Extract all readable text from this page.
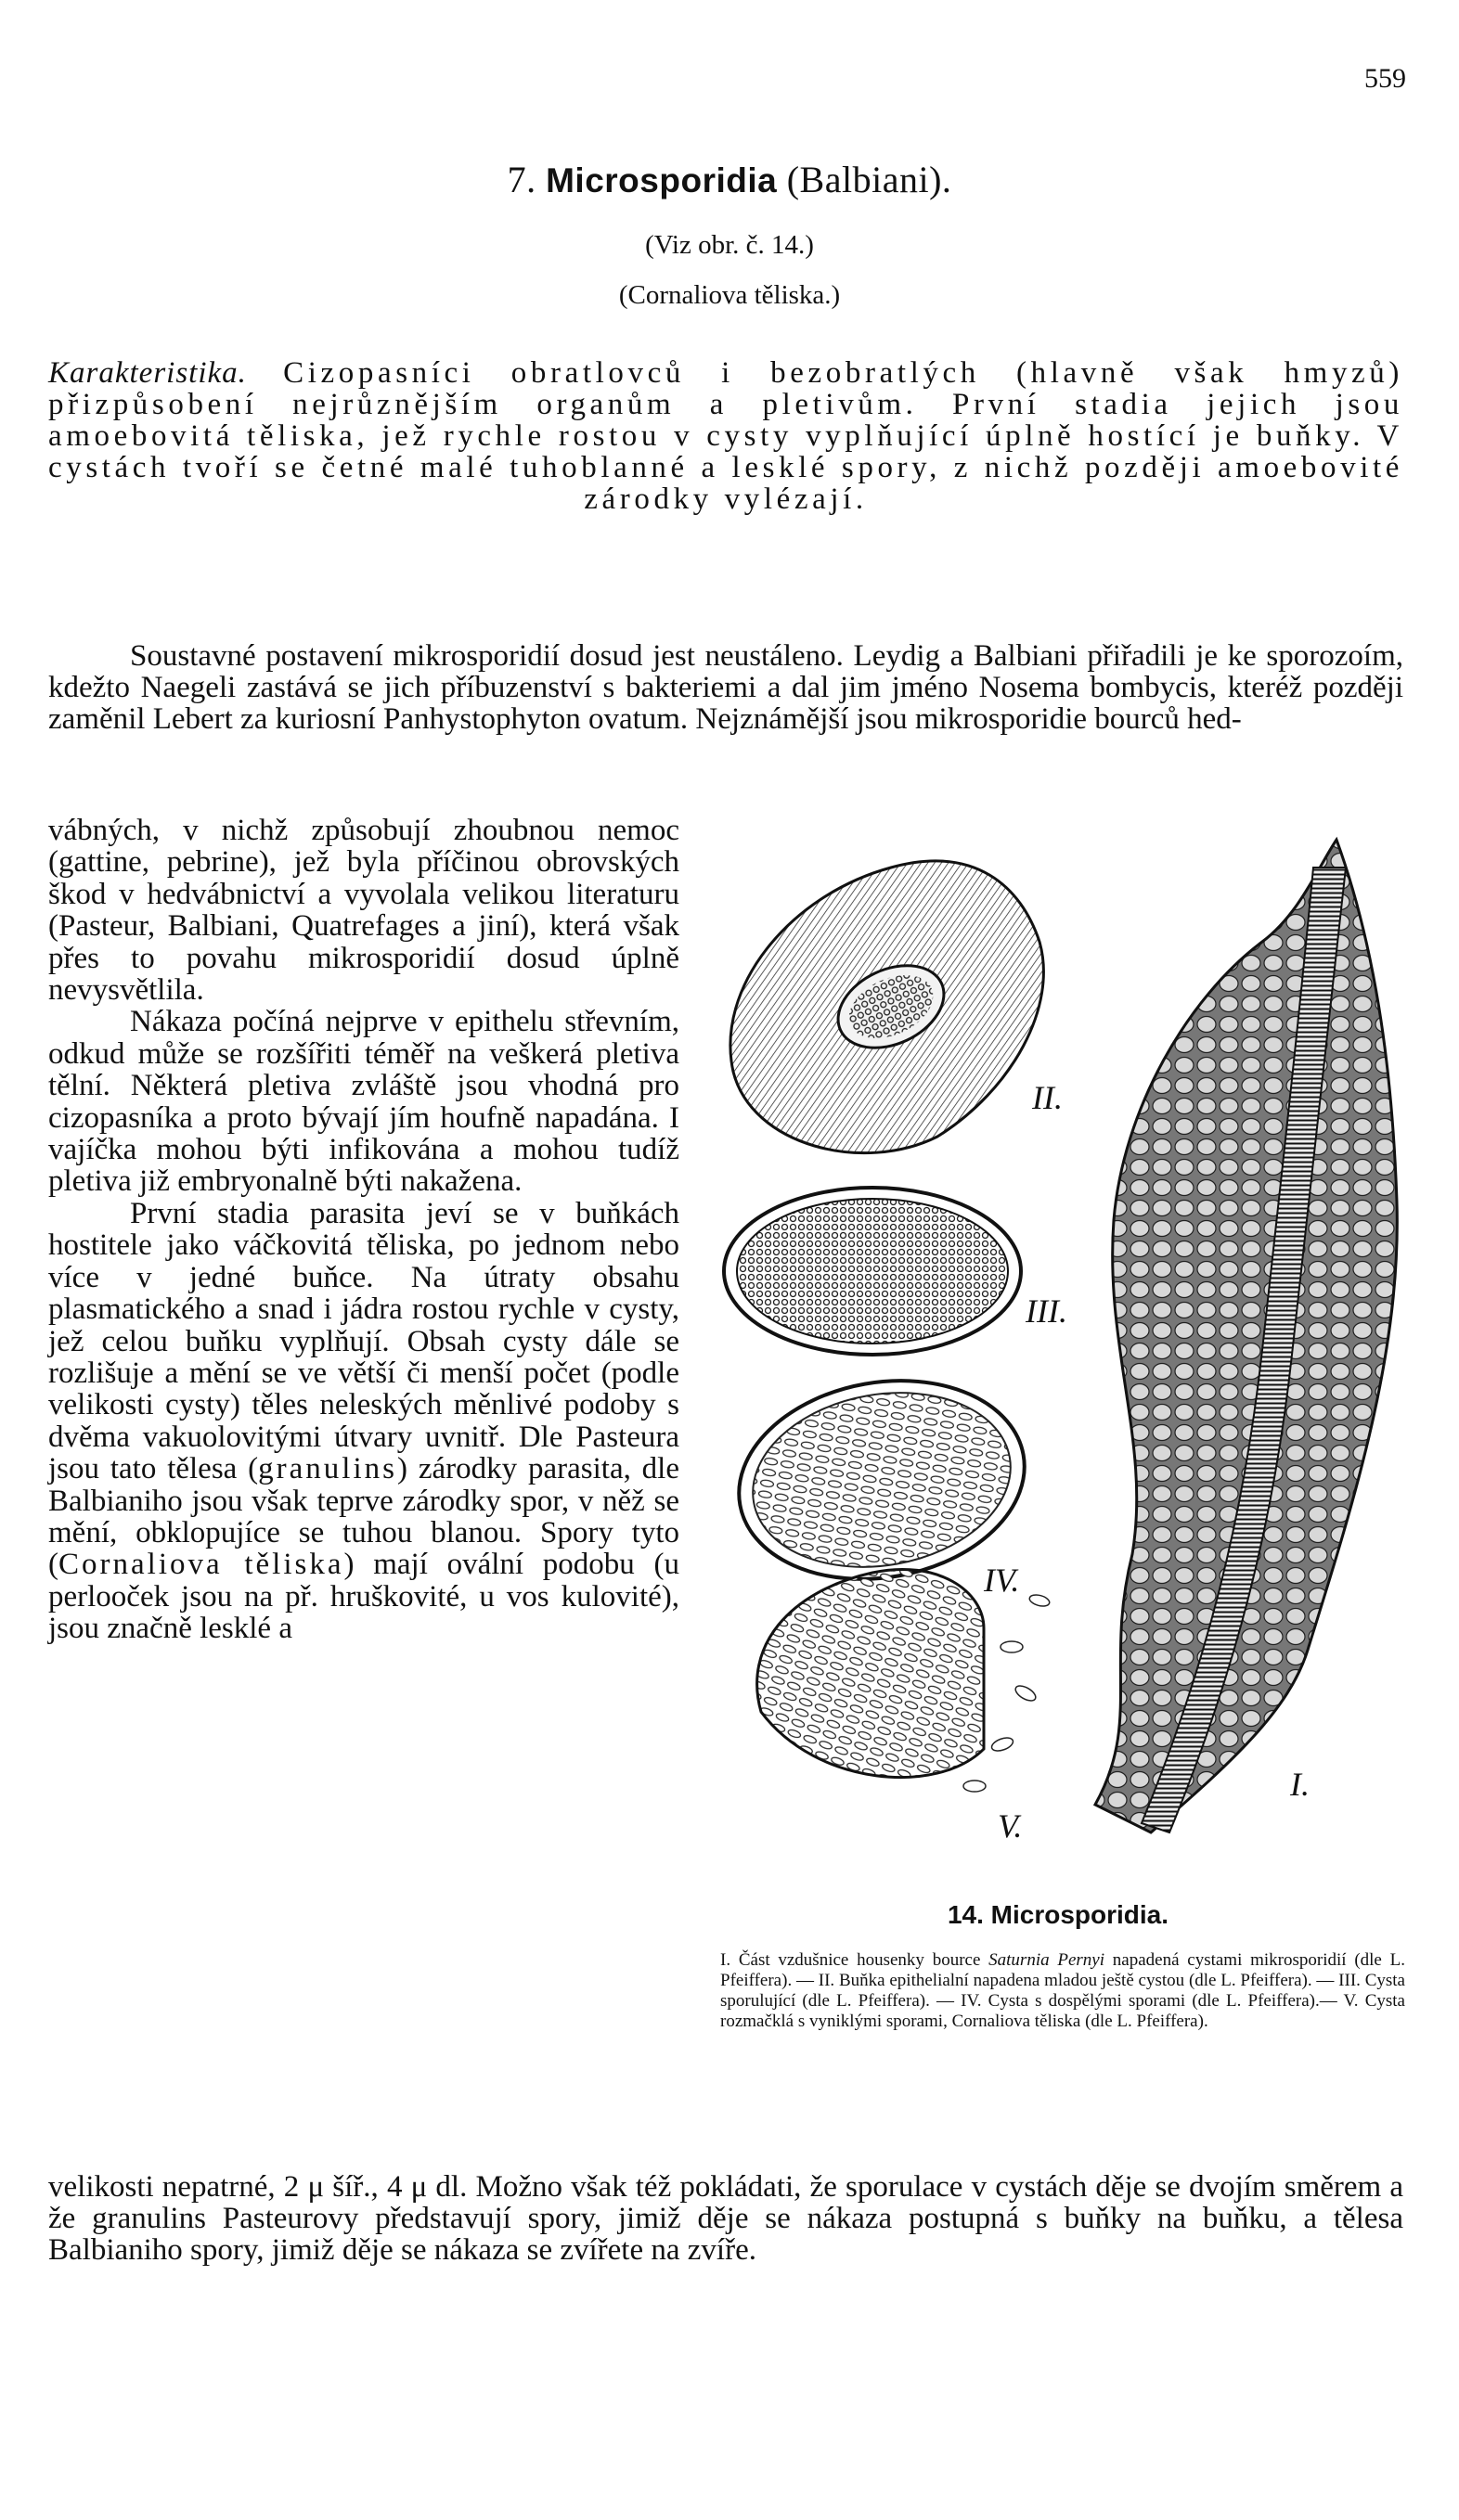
559
7. Microsporidia (Balbiani).
(Viz obr. č. 14.)
(Cornaliova těliska.)
Karakteristika. Cizopasníci obratlovců i bezobratlých (hlavně však hmyzů) přizpůsobení nejrůznějším organům a pletivům. První stadia jejich jsou amoebovitá těliska, jež rychle rostou v cysty vyplňující úplně hostící je buňky. V cystách tvoří se četné malé tuhoblanné a lesklé spory, z nichž později amoebovité zárodky vylézají.
Soustavné postavení mikrosporidií dosud jest neustáleno. Leydig a Balbiani přiřadili je ke sporozoím, kdežto Naegeli zastává se jich příbuzenství s bakteriemi a dal jim jméno Nosema bombycis, kteréž později zaměnil Lebert za kuriosní Panhystophyton ovatum. Nejznámější jsou mikrosporidie bourců hed-

vábných, v nichž způsobují zhoubnou nemoc (gattine, pebrine), jež byla příčinou obrovských škod v hedvábnictví a vyvolala velikou literaturu (Pasteur, Balbiani, Quatrefages a jiní), která však přes to povahu mikrosporidií dosud úplně nevysvětlila.

Nákaza počíná nejprve v epithelu střevním, odkud může se rozšířiti téměř na veškerá pletiva tělní. Některá pletiva zvláště jsou vhodná pro cizopasníka a proto bývají jím houfně napadána. I vajíčka mohou býti infikována a mohou tudíž pletiva již embryonalně býti nakažena.

První stadia parasita jeví se v buňkách hostitele jako váčkovitá těliska, po jednom nebo více v jedné buňce. Na útraty obsahu plasmatického a snad i jádra rostou rychle v cysty, jež celou buňku vyplňují. Obsah cysty dále se rozlišuje a mění se ve větší či menší počet (podle velikosti cysty) těles neleských měnlivé podoby s dvěma vakuolovitými útvary uvnitř. Dle Pasteura jsou tato tělesa (granulins) zárodky parasita, dle Balbianiho jsou však teprve zárodky spor, v něž se mění, obklopujíce se tuhou blanou. Spory tyto (Cornaliova těliska) mají ovální podobu (u perlooček jsou na př. hruškovité, u vos kulovité), jsou značně lesklé a

II.
III.
IV.
V.
I.
14. Microsporidia.
I. Část vzdušnice housenky bource Saturnia Pernyi napadená cystami mikrosporidií (dle L. Pfeiffera). — II. Buňka epithelialní napadena mladou ještě cystou (dle L. Pfeiffera). — III. Cysta sporulující (dle L. Pfeiffera). — IV. Cysta s dospělými sporami (dle L. Pfeiffera).— V. Cysta rozmačklá s vyniklými sporami, Cornaliova těliska (dle L. Pfeiffera).
velikosti nepatrné, 2 μ šíř., 4 μ dl. Možno však též pokládati, že sporulace v cystách děje se dvojím směrem a že granulins Pasteurovy představují spory, jimiž děje se nákaza postupná s buňky na buňku, a tělesa Balbianiho spory, jimiž děje se nákaza se zvířete na zvíře.
